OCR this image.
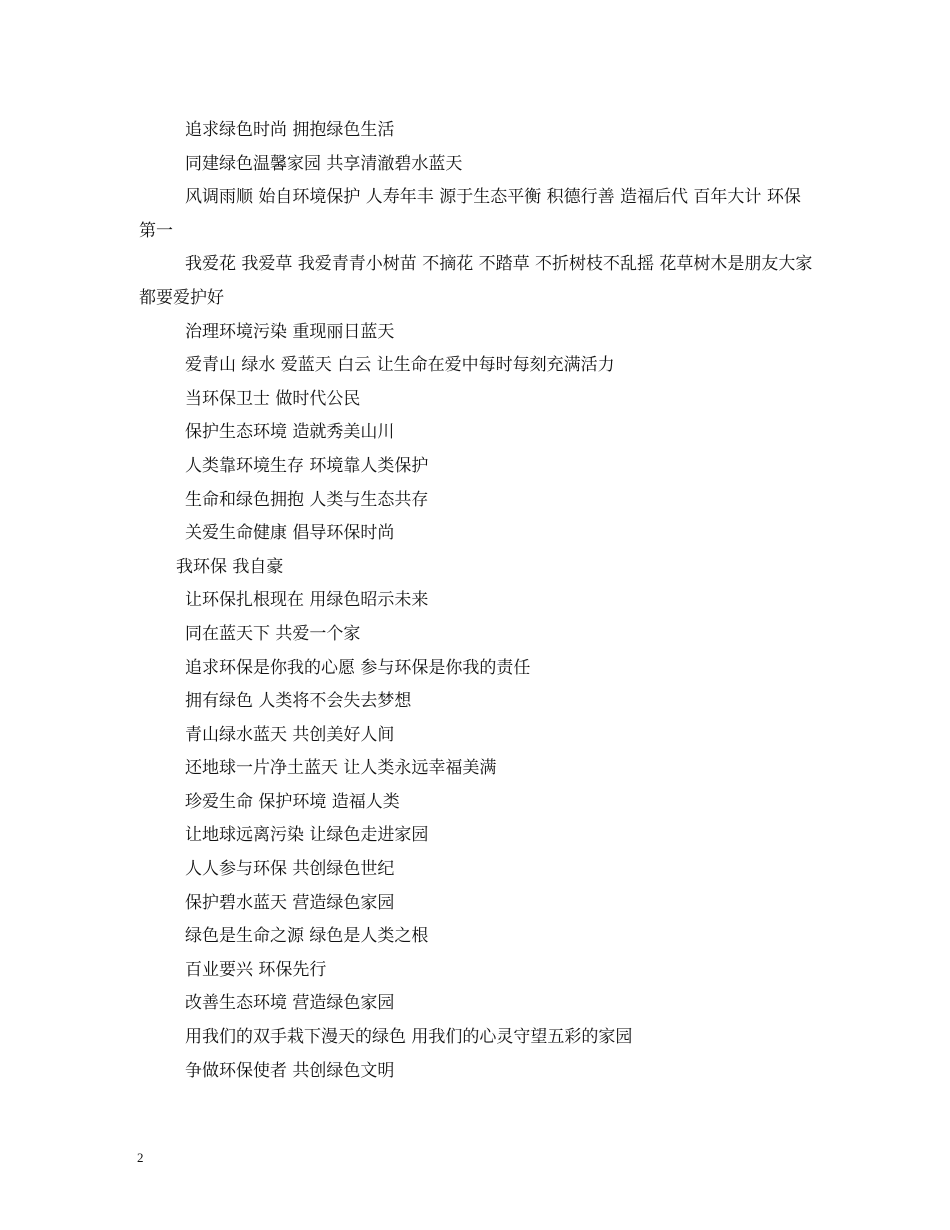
追求绿色时尚 拥抱绿色生活

同建绿色温馨家园 共享清澈碧水蓝天

风调雨顺 始自环境保护 人寿年丰 源于生态平衡 积德行善 造福后代 百年大计 环保第一

我爱花 我爱草 我爱青青小树苗 不摘花 不踏草 不折树枝不乱摇 花草树木是朋友大家都要爱护好

治理环境污染 重现丽日蓝天

爱青山 绿水 爱蓝天 白云 让生命在爱中每时每刻充满活力

当环保卫士 做时代公民

保护生态环境 造就秀美山川

人类靠环境生存 环境靠人类保护

生命和绿色拥抱 人类与生态共存

关爱生命健康 倡导环保时尚

我环保 我自豪

让环保扎根现在 用绿色昭示未来

同在蓝天下 共爱一个家

追求环保是你我的心愿 参与环保是你我的责任

拥有绿色 人类将不会失去梦想

青山绿水蓝天 共创美好人间

还地球一片净土蓝天 让人类永远幸福美满

珍爱生命 保护环境 造福人类

让地球远离污染 让绿色走进家园

人人参与环保 共创绿色世纪

保护碧水蓝天 营造绿色家园

绿色是生命之源 绿色是人类之根

百业要兴 环保先行

改善生态环境 营造绿色家园

用我们的双手栽下漫天的绿色 用我们的心灵守望五彩的家园

争做环保使者 共创绿色文明

2
